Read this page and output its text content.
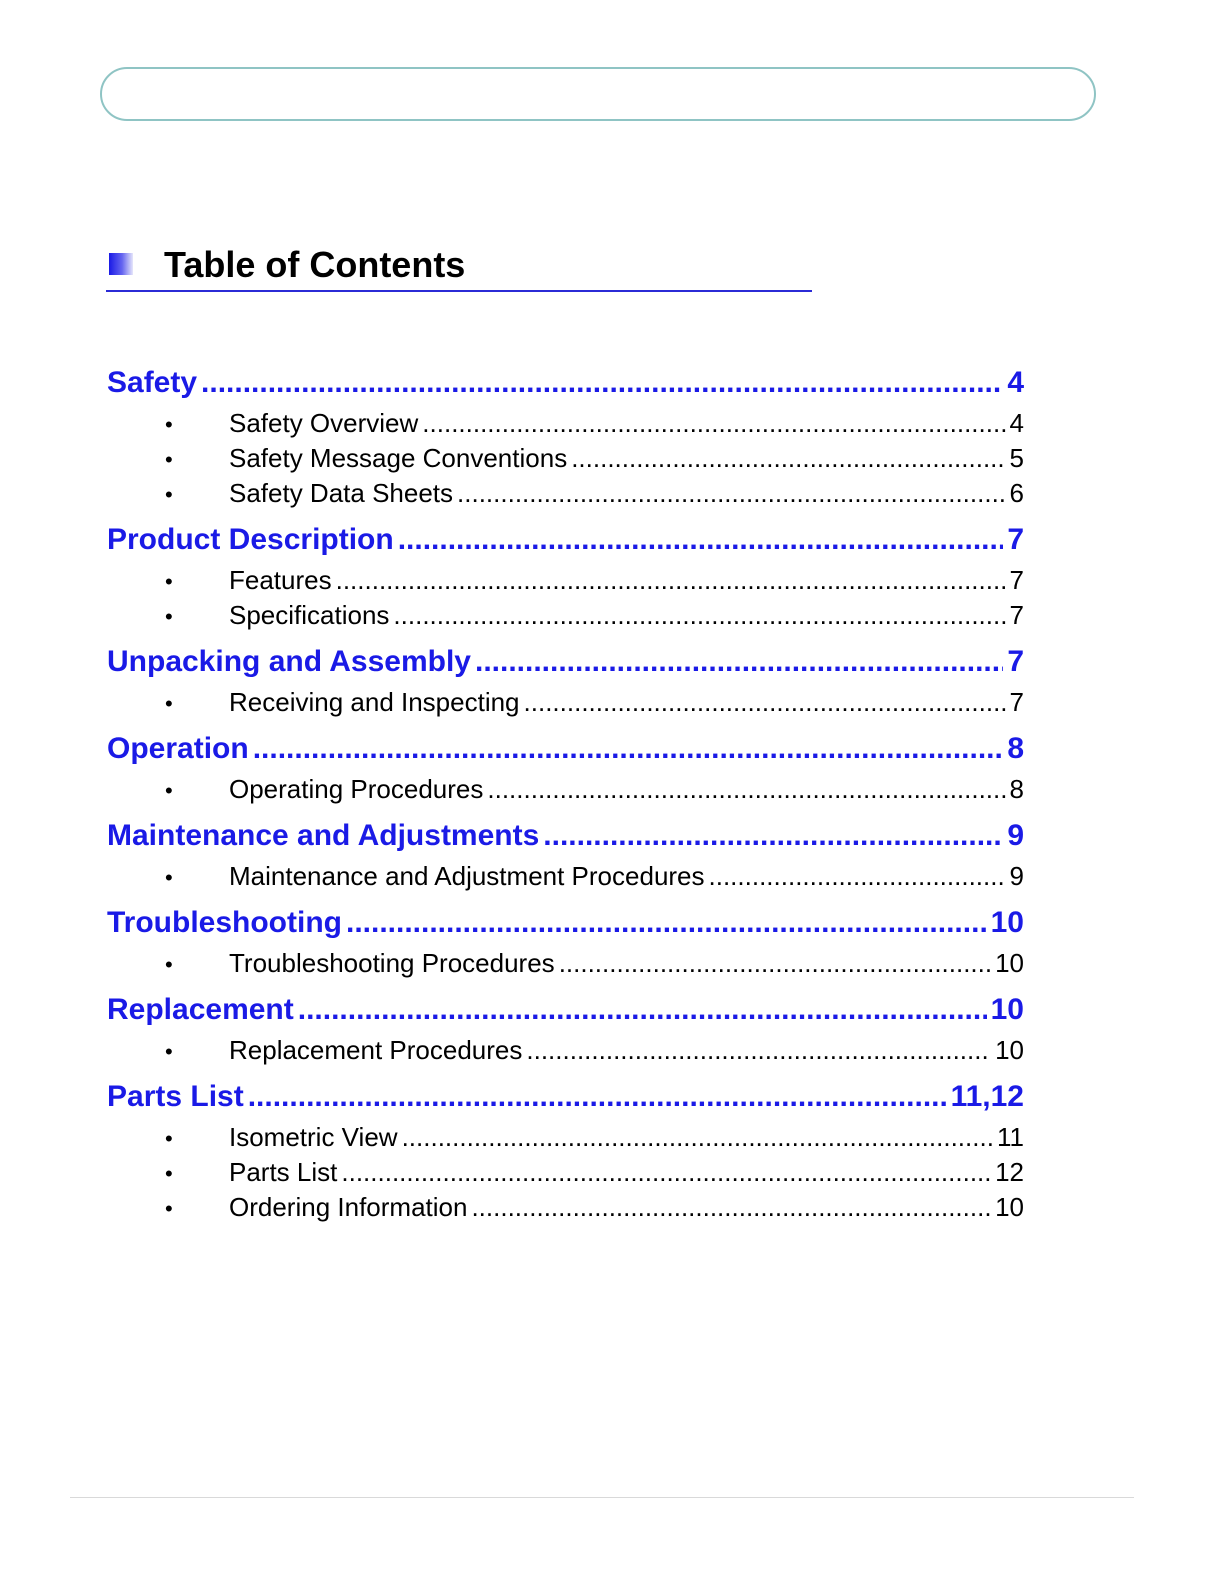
Table of Contents
Safety .....	4
•	Safety Overview .....	4
•	Safety Message Conventions .....	5
•	Safety Data Sheets .....	6
Product Description .....	7
•	Features .....	7
•	Specifications .....	7
Unpacking and Assembly .....	7
•	Receiving and Inspecting .....	7
Operation .....	8
•	Operating Procedures .....	8
Maintenance and Adjustments .....	9
•	Maintenance and Adjustment Procedures .....	9
Troubleshooting .....	10
•	Troubleshooting Procedures .....	10
Replacement .....	10
•	Replacement Procedures .....	10
Parts List .....	11,12
•	Isometric View .....	11
•	Parts List .....	12
•	Ordering Information .....	10
